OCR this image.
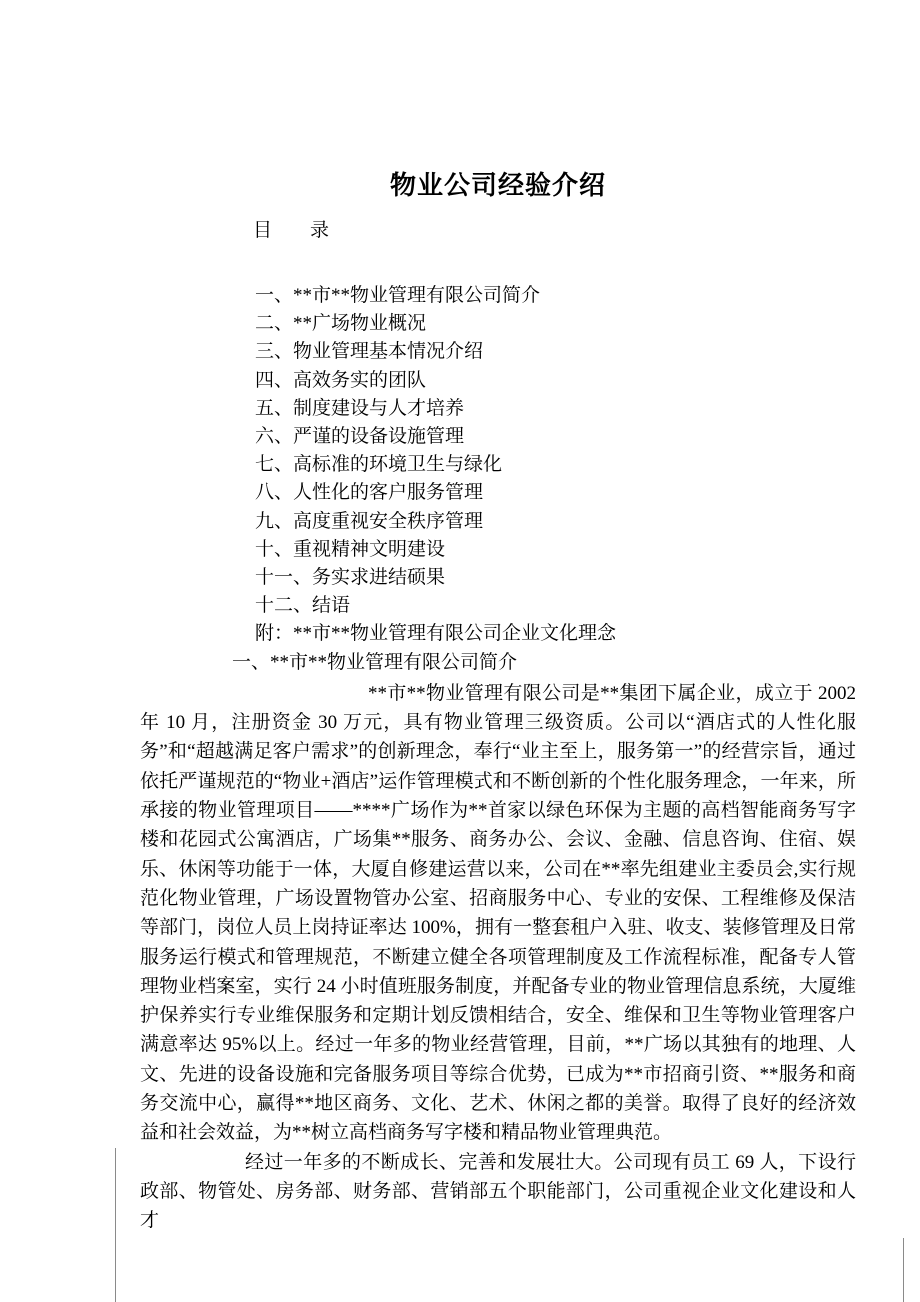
物业公司经验介绍
目　　录
一、**市**物业管理有限公司简介
二、**广场物业概况
三、物业管理基本情况介绍
四、高效务实的团队
五、制度建设与人才培养
六、严谨的设备设施管理
七、高标准的环境卫生与绿化
八、人性化的客户服务管理
九、高度重视安全秩序管理
十、重视精神文明建设
十一、务实求进结硕果
十二、结语
附：**市**物业管理有限公司企业文化理念
一、**市**物业管理有限公司简介

**市**物业管理有限公司是**集团下属企业，成立于 2002 年 10 月，注册资金 30 万元，具有物业管理三级资质。公司以“酒店式的人性化服务”和“超越满足客户需求”的创新理念，奉行“业主至上，服务第一”的经营宗旨，通过依托严谨规范的“物业+酒店”运作管理模式和不断创新的个性化服务理念，一年来，所承接的物业管理项目——****广场作为**首家以绿色环保为主题的高档智能商务写字楼和花园式公寓酒店，广场集**服务、商务办公、会议、金融、信息咨询、住宿、娱乐、休闲等功能于一体，大厦自修建运营以来，公司在**率先组建业主委员会,实行规范化物业管理，广场设置物管办公室、招商服务中心、专业的安保、工程维修及保洁等部门，岗位人员上岗持证率达 100%，拥有一整套租户入驻、收支、装修管理及日常服务运行模式和管理规范，不断建立健全各项管理制度及工作流程标准，配备专人管理物业档案室，实行 24 小时值班服务制度，并配备专业的物业管理信息系统，大厦维护保养实行专业维保服务和定期计划反馈相结合，安全、维保和卫生等物业管理客户满意率达 95%以上。经过一年多的物业经营管理，目前，**广场以其独有的地理、人文、先进的设备设施和完备服务项目等综合优势，已成为**市招商引资、**服务和商务交流中心，赢得**地区商务、文化、艺术、休闲之都的美誉。取得了良好的经济效益和社会效益，为**树立高档商务写字楼和精品物业管理典范。

经过一年多的不断成长、完善和发展壮大。公司现有员工 69 人，下设行政部、物管处、房务部、财务部、营销部五个职能部门，公司重视企业文化建设和人才
